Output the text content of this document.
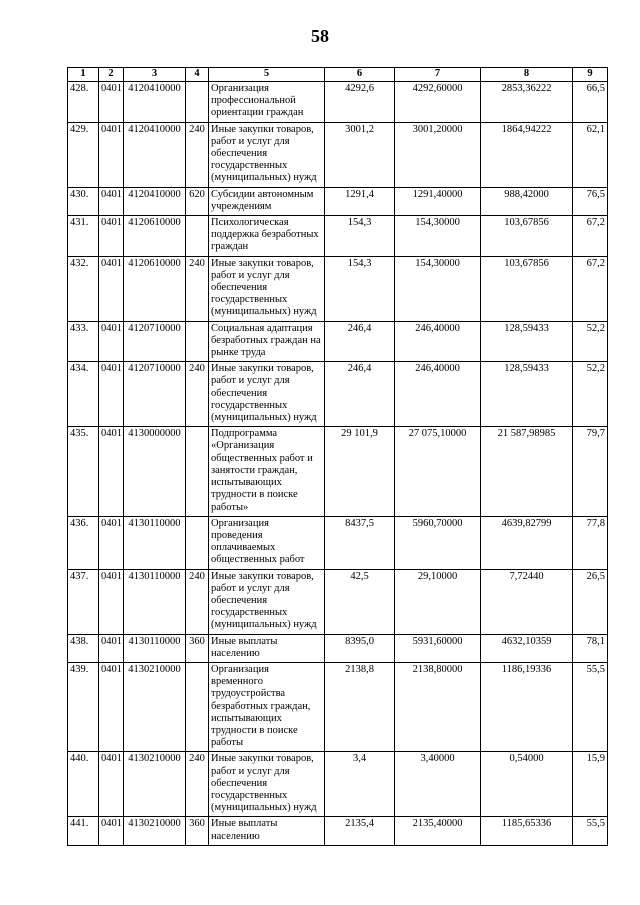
58
1	2	3	4	5	6	7	8	9
428.	0401	4120410000		Организация профессиональной ориентации граждан	4292,6	4292,60000	2853,36222	66,5
429.	0401	4120410000	240	Иные закупки товаров, работ и услуг для обеспечения государственных (муниципальных) нужд	3001,2	3001,20000	1864,94222	62,1
430.	0401	4120410000	620	Субсидии автономным учреждениям	1291,4	1291,40000	988,42000	76,5
431.	0401	4120610000		Психологическая поддержка безработных граждан	154,3	154,30000	103,67856	67,2
432.	0401	4120610000	240	Иные закупки товаров, работ и услуг для обеспечения государственных (муниципальных) нужд	154,3	154,30000	103,67856	67,2
433.	0401	4120710000		Социальная адаптация безработных граждан на рынке труда	246,4	246,40000	128,59433	52,2
434.	0401	4120710000	240	Иные закупки товаров, работ и услуг для обеспечения государственных (муниципальных) нужд	246,4	246,40000	128,59433	52,2
435.	0401	4130000000		Подпрограмма «Организация общественных работ и занятости граждан, испытывающих трудности в поиске работы»	29 101,9	27 075,10000	21 587,98985	79,7
436.	0401	4130110000		Организация проведения оплачиваемых общественных работ	8437,5	5960,70000	4639,82799	77,8
437.	0401	4130110000	240	Иные закупки товаров, работ и услуг для обеспечения государственных (муниципальных) нужд	42,5	29,10000	7,72440	26,5
438.	0401	4130110000	360	Иные выплаты населению	8395,0	5931,60000	4632,10359	78,1
439.	0401	4130210000		Организация временного трудоустройства безработных граждан, испытывающих трудности в поиске работы	2138,8	2138,80000	1186,19336	55,5
440.	0401	4130210000	240	Иные закупки товаров, работ и услуг для обеспечения государственных (муниципальных) нужд	3,4	3,40000	0,54000	15,9
441.	0401	4130210000	360	Иные выплаты населению	2135,4	2135,40000	1185,65336	55,5
